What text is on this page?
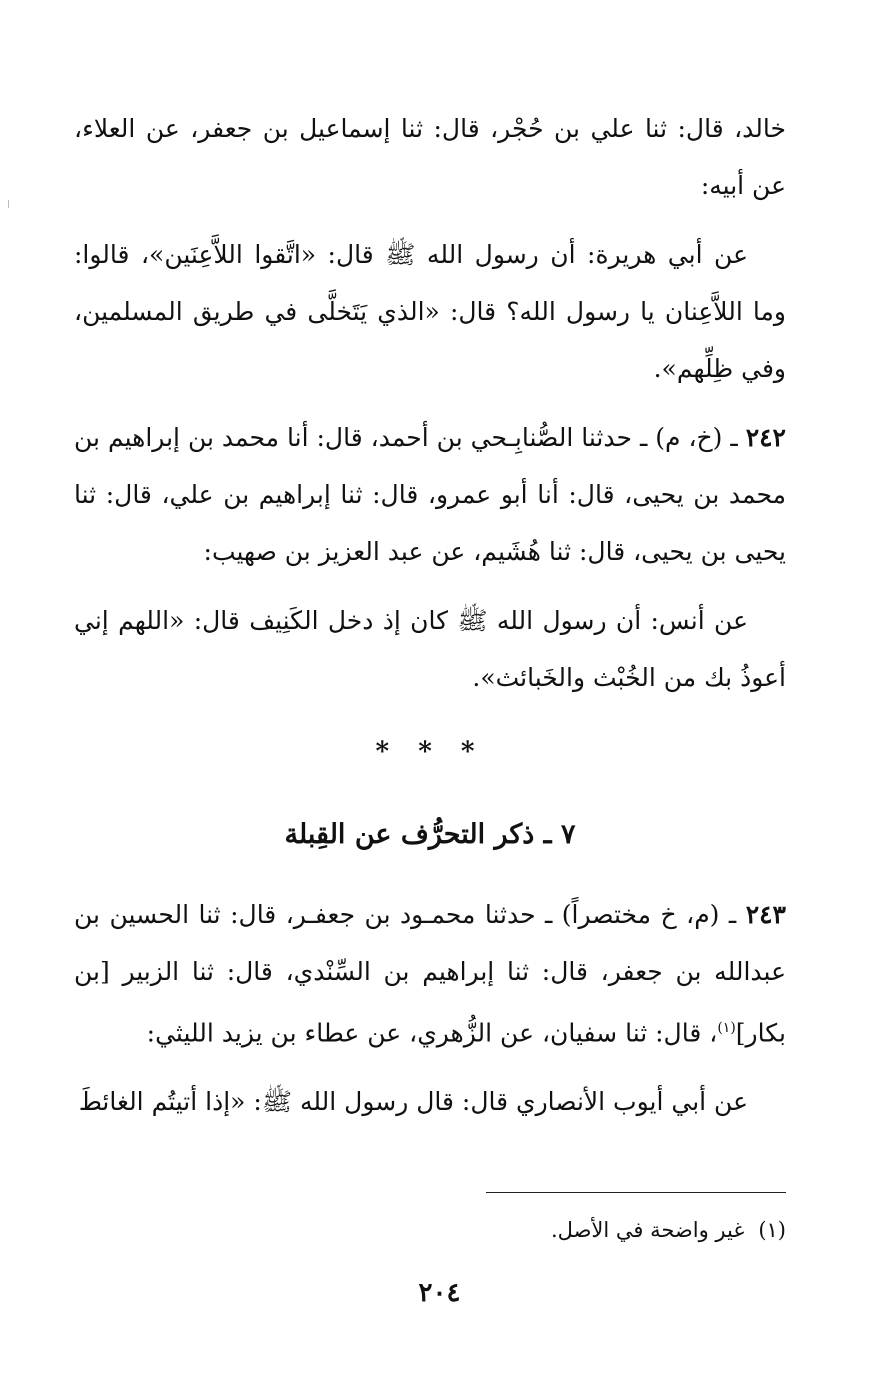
خالد، قال: ثنا علي بن حُجْر، قال: ثنا إسماعيل بن جعفر، عن العلاء، عن أبيه:

عن أبي هريرة: أن رسول الله ﷺ قال: «اتَّقوا اللاَّعِنَين»، قالوا: وما اللاَّعِنان يا رسول الله؟ قال: «الذي يَتَخلَّى في طريق المسلمين، وفي ظِلِّهم».

٢٤٢ ـ (خ، م) ـ حدثنا الصُّنابِـحي بن أحمد، قال: أنا محمد بن إبراهيم بن محمد بن يحيى، قال: أنا أبو عمرو، قال: ثنا إبراهيم بن علي، قال: ثنا يحيى بن يحيى، قال: ثنا هُشَيم، عن عبد العزيز بن صهيب:

عن أنس: أن رسول الله ﷺ كان إذ دخل الكَنِيف قال: «اللهم إني أعوذُ بك من الخُبْث والخَبائث».

* * *
٧ ـ ذكر التحرُّف عن القِبلة

٢٤٣ ـ (م، خ مختصراً) ـ حدثنا محمـود بن جعفـر، قال: ثنا الحسين بن عبدالله بن جعفر، قال: ثنا إبراهيم بن السِّنْدي، قال: ثنا الزبير [بن بكار]$^{(١)}$، قال: ثنا سفيان، عن الزُّهري، عن عطاء بن يزيد الليثي:

عن أبي أيوب الأنصاري قال: قال رسول الله ﷺ: «إذا أتيتُم الغائطَ

(١)غير واضحة في الأصل.
٢٠٤
